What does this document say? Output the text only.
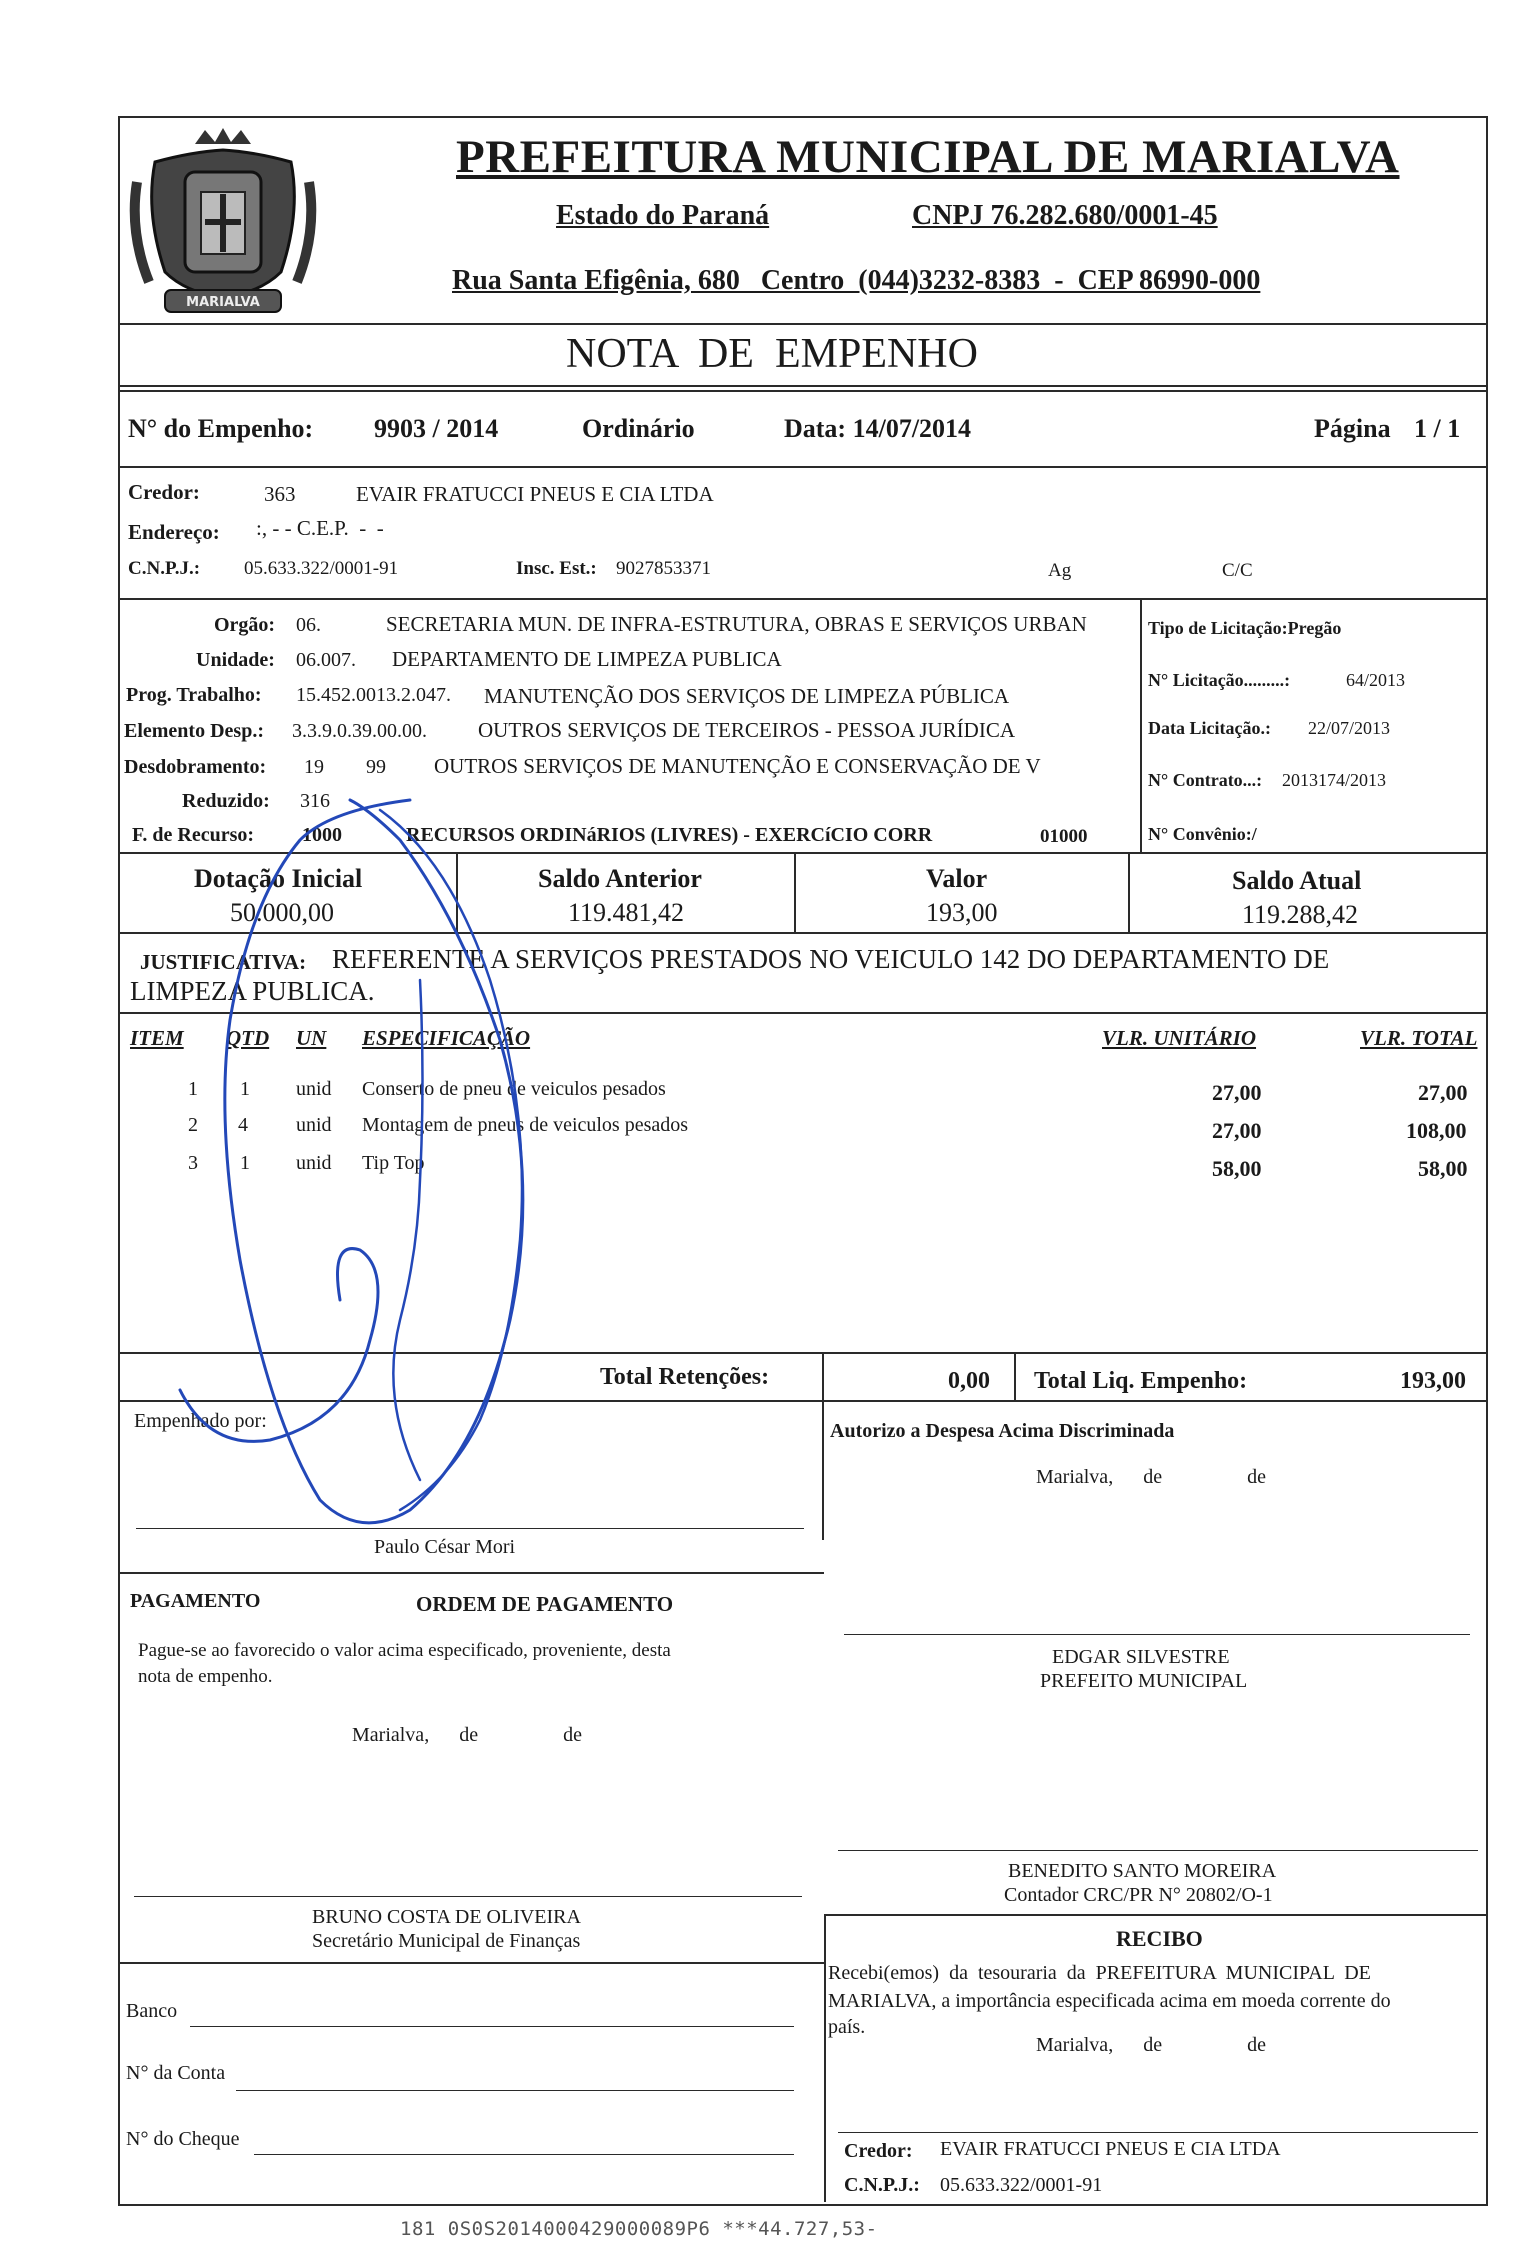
MARIALVA
PREFEITURA MUNICIPAL DE MARIALVA
Estado do Paraná	CNPJ 76.282.680/0001-45
Rua Santa Efigênia, 680   Centro  (044)3232-8383  -  CEP 86990-000
NOTA  DE  EMPENHO
N° do Empenho: 9903 / 2014	Ordinário	Data: 14/07/2014	Página 1 / 1
Credor:	363	EVAIR FRATUCCI PNEUS E CIA LTDA
Endereço: :, - - C.E.P.  -  -
C.N.P.J.: 05.633.322/0001-91	Insc. Est.: 9027853371	Ag	C/C
Orgão: 06.	SECRETARIA MUN. DE INFRA-ESTRUTURA, OBRAS E SERVIÇOS URBAN
Unidade: 06.007. DEPARTAMENTO DE LIMPEZA PUBLICA
Prog. Trabalho: 15.452.0013.2.047. MANUTENÇÃO DOS SERVIÇOS DE LIMPEZA PÚBLICA
Elemento Desp.: 3.3.9.0.39.00.00. OUTROS SERVIÇOS DE TERCEIROS - PESSOA JURÍDICA
Desdobramento: 19 99 OUTROS SERVIÇOS DE MANUTENÇÃO E CONSERVAÇÃO DE V
Reduzido: 316
F. de Recurso: 1000	RECURSOS ORDINáRIOS (LIVRES) - EXERCíCIO CORR	01000
Tipo de Licitação:Pregão
N° Licitação.........:	64/2013
Data Licitação.: 22/07/2013
N° Contrato...: 2013174/2013
N° Convênio:/
Dotação Inicial
50.000,00
Saldo Anterior
119.481,42
Valor
193,00
Saldo Atual
119.288,42
JUSTIFICATIVA: REFERENTE A SERVIÇOS PRESTADOS NO VEICULO 142 DO DEPARTAMENTO DE
LIMPEZA PUBLICA.
ITEM QTD UN ESPECIFICAÇÃO	VLR. UNITÁRIO	VLR. TOTAL
1 1 unid Conserto de pneu de veiculos pesados	27,00	27,00
2 4 unid Montagem de pneus de veiculos pesados	27,00	108,00
3 1 unid Tip Top	58,00	58,00
Total Retenções:	0,00 Total Liq. Empenho:	193,00
Empenhado por:
Paulo César Mori
Autorizo a Despesa Acima Discriminada
Marialva,      de                 de
PAGAMENTO	ORDEM DE PAGAMENTO
Pague-se ao favorecido o valor acima especificado, proveniente, desta
nota de empenho.
Marialva,      de                 de
EDGAR SILVESTRE
PREFEITO MUNICIPAL
BENEDITO SANTO MOREIRA
Contador CRC/PR N° 20802/O-1
BRUNO COSTA DE OLIVEIRA
Secretário Municipal de Finanças	RECIBO
Recebi(emos)  da  tesouraria  da  PREFEITURA  MUNICIPAL  DE
MARIALVA, a importância especificada acima em moeda corrente do
país.
Marialva,      de                 de
Banco
N° da Conta
N° do Cheque
Credor: EVAIR FRATUCCI PNEUS E CIA LTDA
C.N.P.J.: 05.633.322/0001-91
181 0S0S2014000429000089P6 ***44.727,53-
